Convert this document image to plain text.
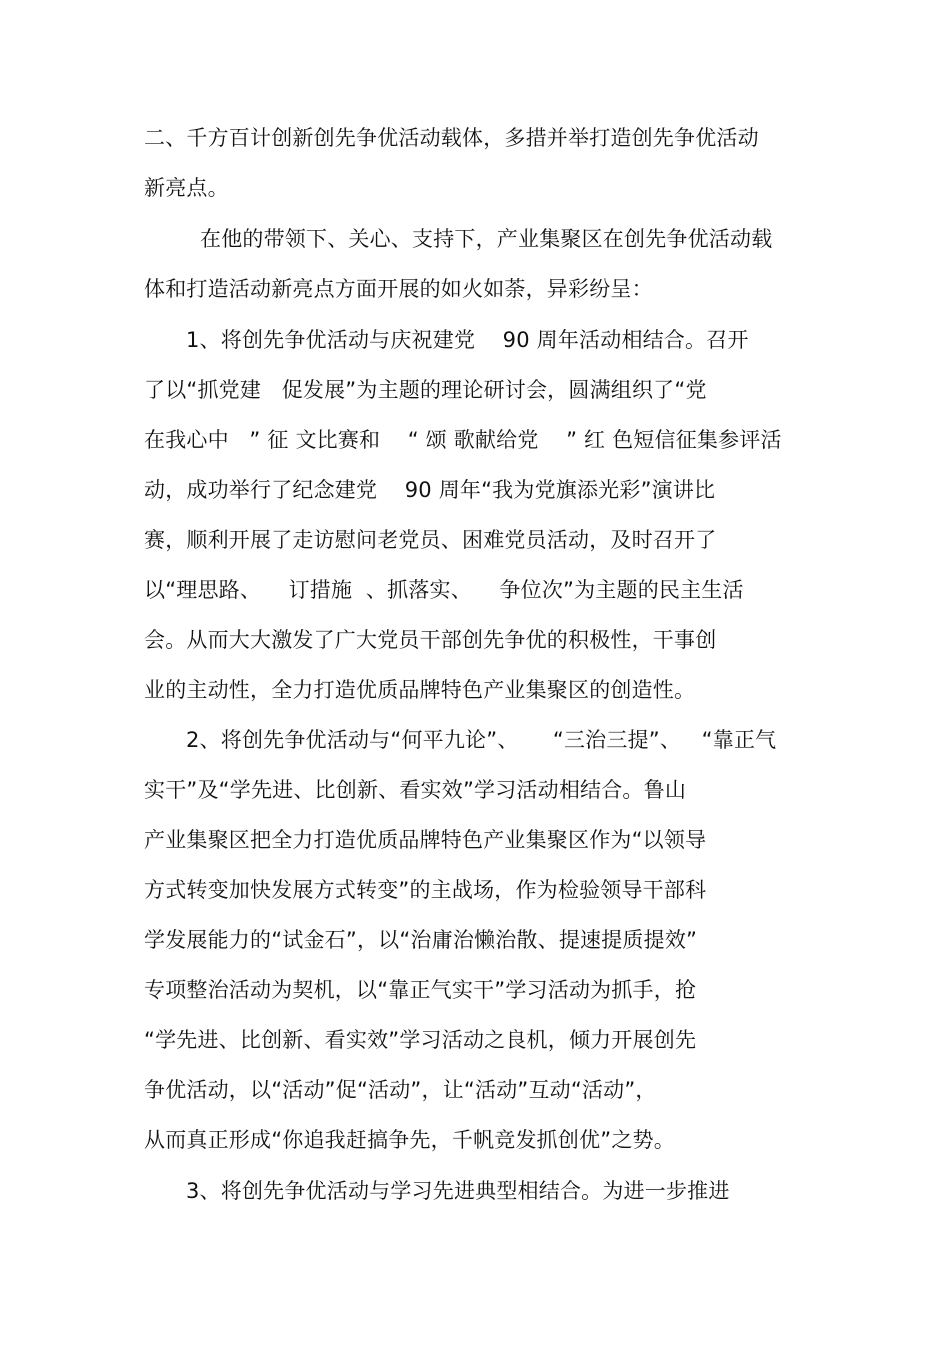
二、千方百计创新创先争优活动载体，多措并举打造创先争优活动
新亮点。
在他的带领下、关心、支持下，产业集聚区在创先争优活动载
体和打造活动新亮点方面开展的如火如荼，异彩纷呈：
1、将创先争优活动与庆祝建党    90 周年活动相结合。召开
了以“抓党建   促发展”为主题的理论研讨会，圆满组织了“党
在我心中   ” 征 文比赛和    “ 颂 歌献给党    ” 红 色短信征集参评活
动，成功举行了纪念建党    90 周年“我为党旗添光彩”演讲比
赛，顺利开展了走访慰问老党员、困难党员活动，及时召开了
以“理思路、    订措施  、抓落实、    争位次”为主题的民主生活
会。从而大大激发了广大党员干部创先争优的积极性，干事创
业的主动性，全力打造优质品牌特色产业集聚区的创造性。
2、将创先争优活动与“何平九论”、     “三治三提”、   “靠正气
实干”及“学先进、比创新、看实效”学习活动相结合。鲁山
产业集聚区把全力打造优质品牌特色产业集聚区作为“以领导
方式转变加快发展方式转变”的主战场，作为检验领导干部科
学发展能力的“试金石”，以“治庸治懒治散、提速提质提效”
专项整治活动为契机，以“靠正气实干”学习活动为抓手，抢
“学先进、比创新、看实效”学习活动之良机，倾力开展创先
争优活动，以“活动”促“活动”，让“活动”互动“活动”，
从而真正形成“你追我赶搞争先，千帆竞发抓创优”之势。
3、将创先争优活动与学习先进典型相结合。为进一步推进
